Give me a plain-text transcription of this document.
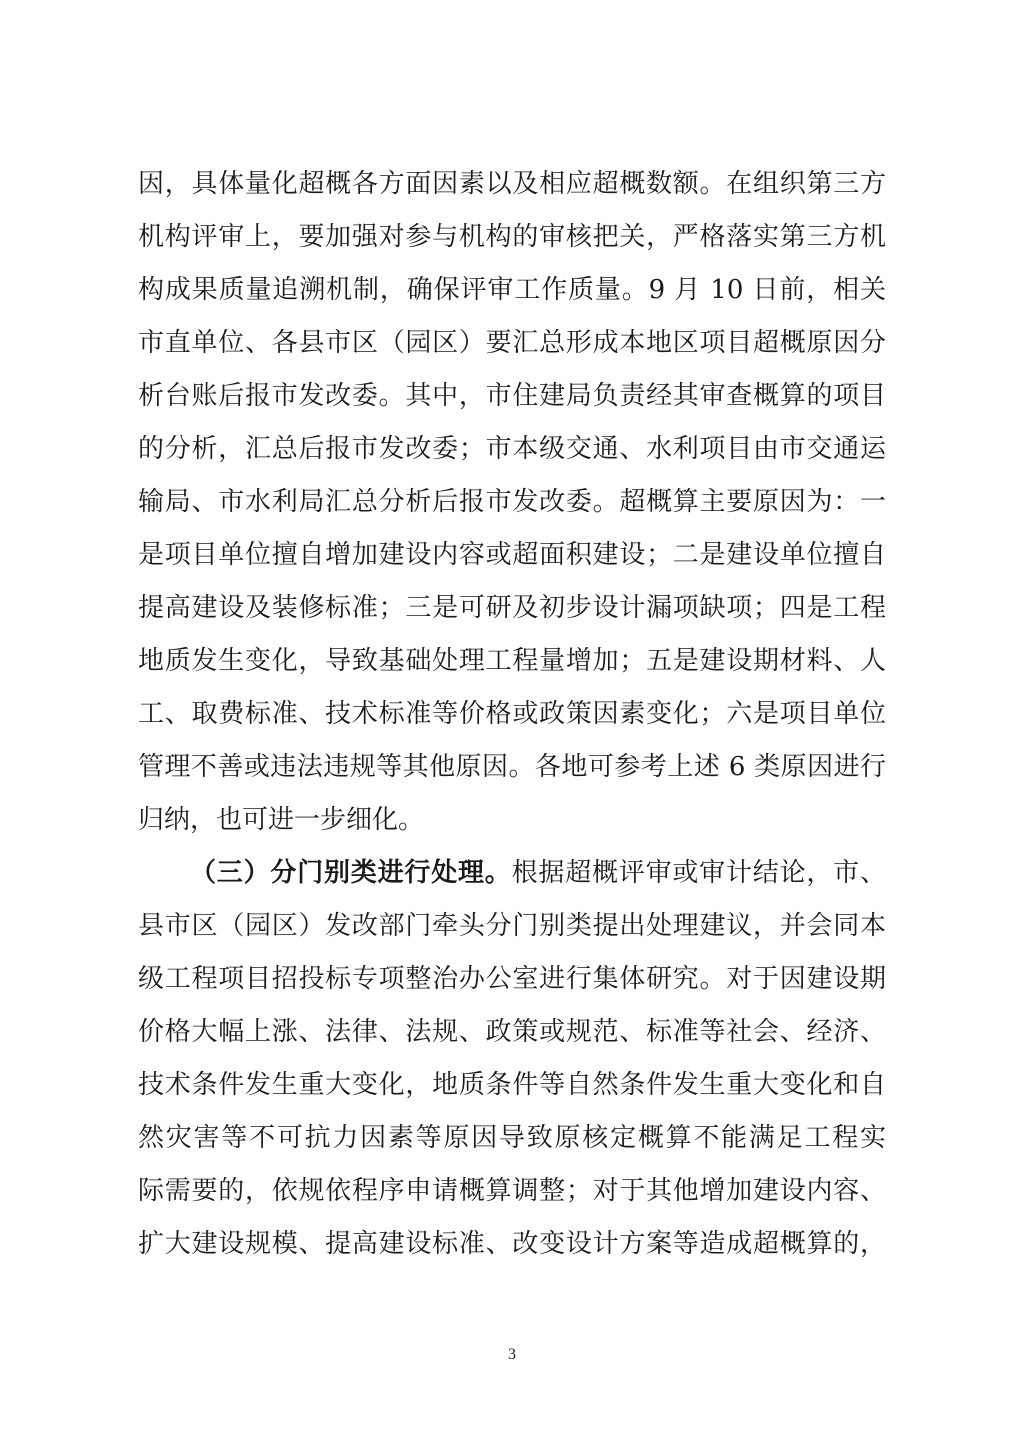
因，具体量化超概各方面因素以及相应超概数额。在组织第三方
机构评审上，要加强对参与机构的审核把关，严格落实第三方机
构成果质量追溯机制，确保评审工作质量。9 月 10 日前，相关
市直单位、各县市区（园区）要汇总形成本地区项目超概原因分
析台账后报市发改委。其中，市住建局负责经其审查概算的项目
的分析，汇总后报市发改委；市本级交通、水利项目由市交通运
输局、市水利局汇总分析后报市发改委。超概算主要原因为：一
是项目单位擅自增加建设内容或超面积建设；二是建设单位擅自
提高建设及装修标准；三是可研及初步设计漏项缺项；四是工程
地质发生变化，导致基础处理工程量增加；五是建设期材料、人
工、取费标准、技术标准等价格或政策因素变化；六是项目单位
管理不善或违法违规等其他原因。各地可参考上述 6 类原因进行
归纳，也可进一步细化。
（三）分门别类进行处理。根据超概评审或审计结论，市、
县市区（园区）发改部门牵头分门别类提出处理建议，并会同本
级工程项目招投标专项整治办公室进行集体研究。对于因建设期
价格大幅上涨、法律、法规、政策或规范、标准等社会、经济、
技术条件发生重大变化，地质条件等自然条件发生重大变化和自
然灾害等不可抗力因素等原因导致原核定概算不能满足工程实
际需要的，依规依程序申请概算调整；对于其他增加建设内容、
扩大建设规模、提高建设标准、改变设计方案等造成超概算的，
3
